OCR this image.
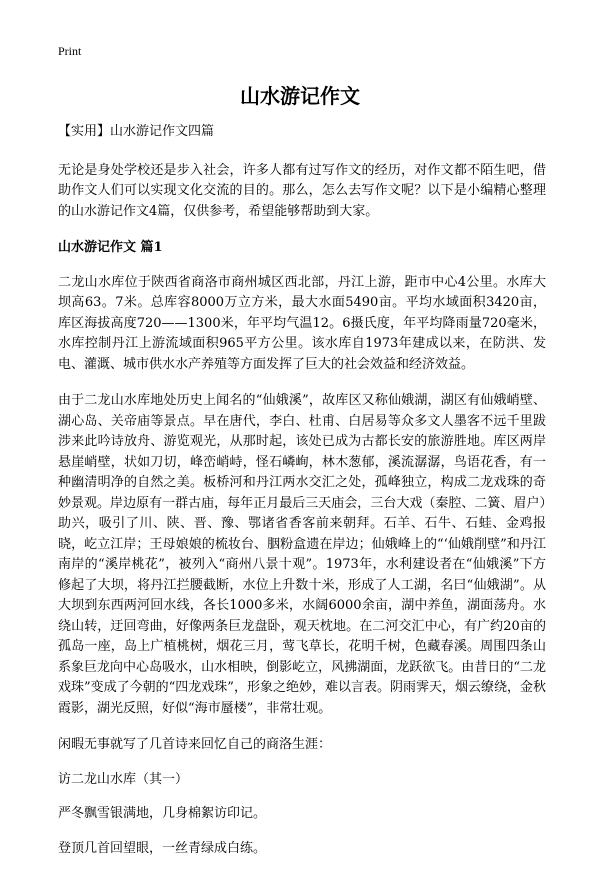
Print
山水游记作文

【实用】山水游记作文四篇

无论是身处学校还是步入社会，许多人都有过写作文的经历，对作文都不陌生吧，借助作文人们可以实现文化交流的目的。那么，怎么去写作文呢？以下是小编精心整理的山水游记作文4篇，仅供参考，希望能够帮助到大家。

山水游记作文 篇1

二龙山水库位于陕西省商洛市商州城区西北部，丹江上游，距市中心4公里。水库大坝高63。7米。总库容8000万立方米，最大水面5490亩。平均水域面积3420亩，库区海拔高度720——1300米，年平均气温12。6摄氏度，年平均降雨量720毫米，水库控制丹江上游流域面积965平方公里。该水库自1973年建成以来，在防洪、发电、灌溉、城市供水水产养殖等方面发挥了巨大的社会效益和经济效益。

由于二龙山水库地处历史上闻名的“仙娥溪”，故库区又称仙娥湖，湖区有仙娥峭壁、湖心岛、关帝庙等景点。早在唐代，李白、杜甫、白居易等众多文人墨客不远千里跋涉来此吟诗放舟、游览观光，从那时起，该处已成为古都长安的旅游胜地。库区两岸悬崖峭壁，状如刀切，峰峦峭峙，怪石嶙峋，林木葱郁，溪流潺潺，鸟语花香，有一种幽清明净的自然之美。板桥河和丹江两水交汇之处，孤峰独立，构成二龙戏珠的奇妙景观。岸边原有一群古庙，每年正月最后三天庙会，三台大戏（秦腔、二簧、眉户）助兴，吸引了川、陕、晋、豫、鄂诸省香客前来朝拜。石羊、石牛、石蛙、金鸡报晓，屹立江岸；王母娘娘的梳妆台、胭粉盒遗在岸边；仙娥峰上的“‘仙娥削壁”和丹江南岸的“溪岸桃花”，被列入“商州八景十观”。1973年，水利建设者在“仙娥溪”下方修起了大坝，将丹江拦腰截断，水位上升数十米，形成了人工湖，名曰“仙娥湖”。从大坝到东西两河回水线，各长1000多米，水阔6000余亩，湖中养鱼，湖面荡舟。水绕山转，迂回弯曲，好像两条巨龙盘卧，观天枕地。在二河交汇中心，有广约20亩的孤岛一座，岛上广植桃树，烟花三月，莺飞草长，花明千树，色藏春溪。周围四条山系象巨龙向中心岛吸水，山水相映，倒影屹立，风拂湖面，龙跃欲飞。由昔日的“二龙戏珠”变成了今朝的“四龙戏珠”，形象之绝妙，难以言表。阴雨霁天，烟云缭绕，金秋霞影，湖光反照，好似“海市蜃楼”，非常壮观。

闲暇无事就写了几首诗来回忆自己的商洛生涯：

访二龙山水库（其一）

严冬飘雪银满地，几身棉絮访印记。

登顶几首回望眼，一丝青绿成白练。
